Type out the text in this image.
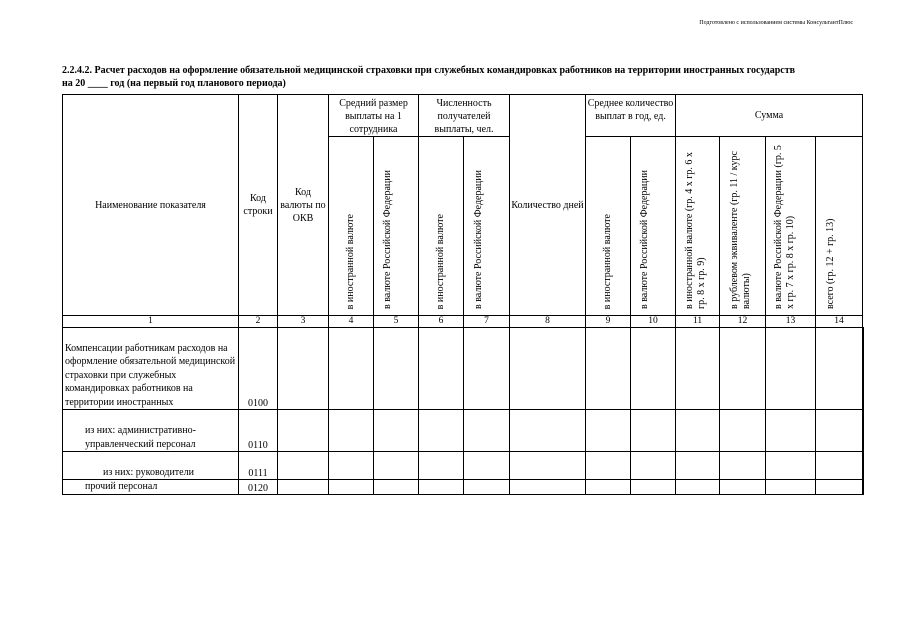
Подготовлено с использованием системы КонсультантПлюс
2.2.4.2. Расчет расходов на оформление обязательной медицинской страховки при служебных командировках работников на территории иностранных государств
на 20 ____ год (на первый год планового периода)
Наименование показателя	Код строки	Код валюты по ОКВ	Средний размер выплаты на 1 сотрудника		Численность получателей выплаты, чел.		Количество дней	Среднее количество выплат в год, ед.		Сумма			

			в иностранной валюте	в валюте Российской Федерации	в иностранной валюте	в валюте Российской Федерации		в иностранной валюте	в валюте Российской Федерации	в иностранной валюте (гр. 4 х гр. 6 х гр. 8 х гр. 9)	в рублевом эквиваленте (гр. 11 / курс валюты)	в валюте Российской Федерации (гр. 5 х гр. 7 х гр. 8 х гр. 10)	всего (гр. 12 + гр. 13)

1	2	3	4	5	6	7	8	9	10	11	12	13	14
Компенсации работникам расходов на оформление обязательной медицинской страховки при служебных командировках работников на территории иностранных	0100												
из них: административно-управленческий персонал	0110												
из них: руководители	0111												
прочий персонал	0120												
